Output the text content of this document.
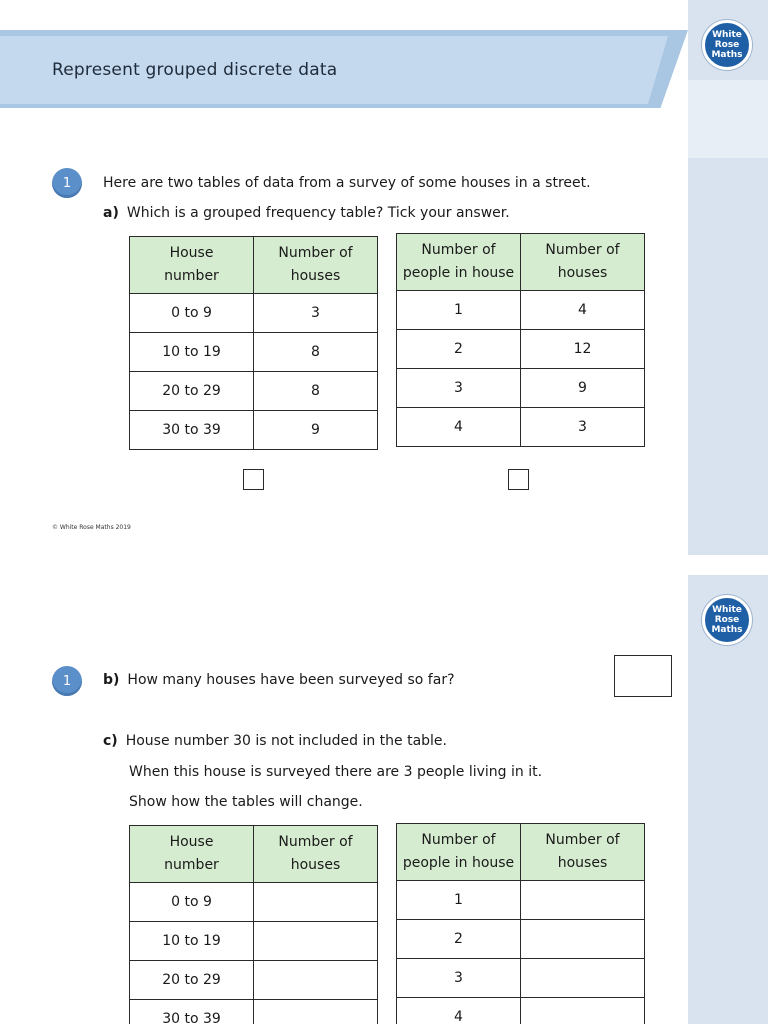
Represent grouped discrete data
White
Rose
Maths
1	Here are two tables of data from a survey of some houses in a street.
a) Which is a grouped frequency table? Tick your answer.
House
number	Number of
houses
0 to 9	3
10 to 19	8
20 to 29	8
30 to 39	9
Number of
people in house	Number of
houses
1	4
2	12
3	9
4	3
© White Rose Maths 2019
White
Rose
Maths
1	b) How many houses have been surveyed so far?
c) House number 30 is not included in the table.
When this house is surveyed there are 3 people living in it.
Show how the tables will change.
House
number	Number of
houses
0 to 9	
10 to 19	
20 to 29	
30 to 39	
Number of
people in house	Number of
houses
1	
2	
3	
4	
